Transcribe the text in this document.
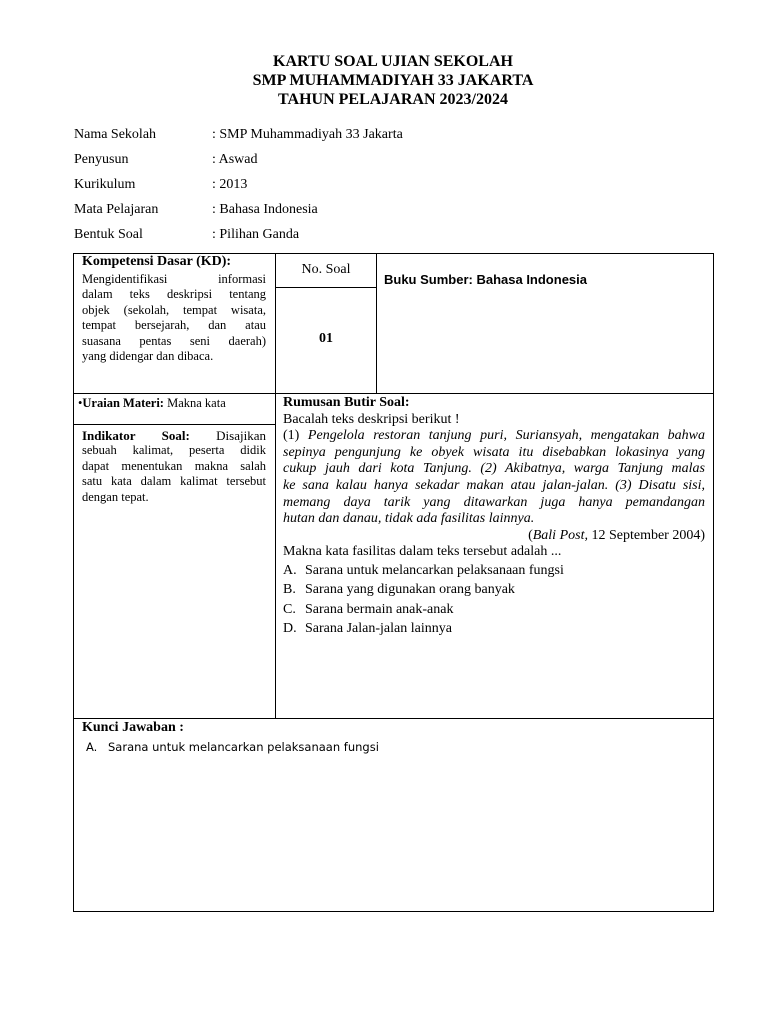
KARTU SOAL UJIAN SEKOLAH
SMP MUHAMMADIYAH 33 JAKARTA
TAHUN PELAJARAN 2023/2024
Nama Sekolah	: SMP Muhammadiyah 33 Jakarta
Penyusun	: Aswad
Kurikulum	: 2013
Mata Pelajaran	: Bahasa Indonesia
Bentuk Soal	: Pilihan Ganda
Kompetensi Dasar (KD):
Mengidentifikasi informasi
dalam teks deskripsi tentang
objek (sekolah, tempat wisata,
tempat bersejarah, dan atau
suasana pentas seni daerah)
yang didengar dan dibaca.
No. Soal
01
Buku Sumber: Bahasa Indonesia
•Uraian Materi: Makna kata
Indikator Soal: Disajikan
sebuah kalimat, peserta didik
dapat menentukan makna salah
satu kata dalam kalimat tersebut
dengan tepat.
Rumusan Butir Soal:
Bacalah teks deskripsi berikut !
(1) Pengelola restoran tanjung puri, Suriansyah, mengatakan bahwa
sepinya pengunjung ke obyek wisata itu disebabkan lokasinya yang
cukup jauh dari kota Tanjung. (2) Akibatnya, warga Tanjung malas
ke sana kalau hanya sekadar makan atau jalan-jalan. (3) Disatu sisi,
memang daya tarik yang ditawarkan juga hanya pemandangan
hutan dan danau, tidak ada fasilitas lainnya.
(Bali Post, 12 September 2004)
Makna kata fasilitas dalam teks tersebut adalah ...
A. Sarana untuk melancarkan pelaksanaan fungsi
B. Sarana yang digunakan orang banyak
C. Sarana bermain anak-anak
D. Sarana Jalan-jalan lainnya
Kunci Jawaban :
A. Sarana untuk melancarkan pelaksanaan fungsi
